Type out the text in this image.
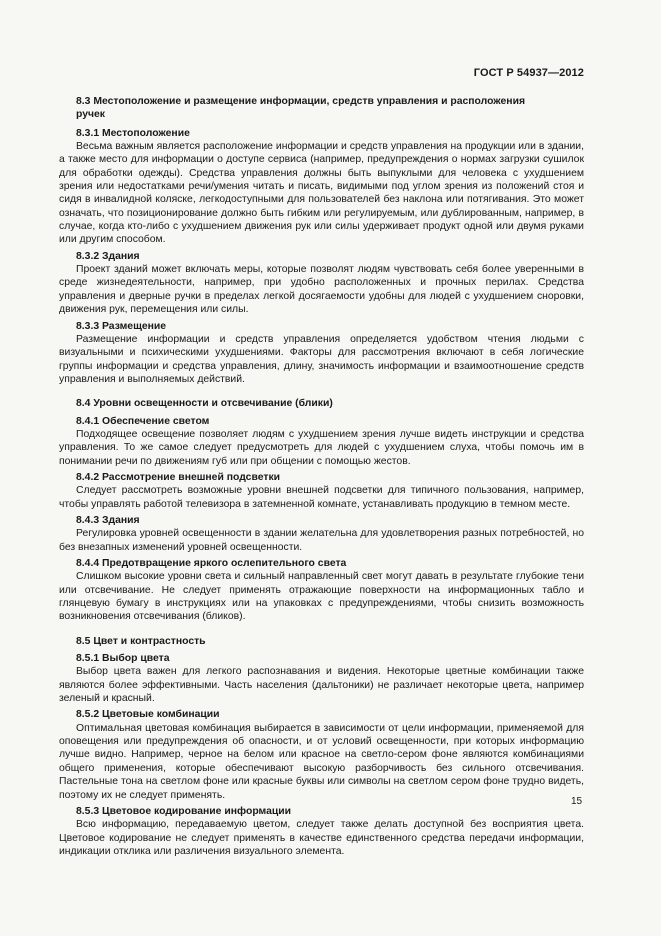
ГОСТ Р 54937—2012
8.3 Местоположение и размещение информации, средств управления и расположения
ручек
8.3.1 Местоположение

Весьма важным является расположение информации и средств управления на продукции или в здании, а также место для информации о доступе сервиса (например, предупреждения о нормах загрузки сушилок для обработки одежды). Средства управления должны быть выпуклыми для человека с ухудшением зрения или недостатками речи/умения читать и писать, видимыми под углом зрения из положений стоя и сидя в инвалидной коляске, легкодоступными для пользователей без наклона или потягивания. Это может означать, что позиционирование должно быть гибким или регулируемым, или дублированным, например, в случае, когда кто-либо с ухудшением движения рук или силы удерживает продукт одной или двумя руками или другим способом.

8.3.2 Здания

Проект зданий может включать меры, которые позволят людям чувствовать себя более уверенными в среде жизнедеятельности, например, при удобно расположенных и прочных перилах. Средства управления и дверные ручки в пределах легкой досягаемости удобны для людей с ухудшением сноровки, движения рук, перемещения или силы.

8.3.3 Размещение

Размещение информации и средств управления определяется удобством чтения людьми с визуальными и психическими ухудшениями. Факторы для рассмотрения включают в себя логические группы информации и средства управления, длину, значимость информации и взаимоотношение средств управления и выполняемых действий.

8.4 Уровни освещенности и отсвечивание (блики)
8.4.1 Обеспечение светом

Подходящее освещение позволяет людям с ухудшением зрения лучше видеть инструкции и средства управления. То же самое следует предусмотреть для людей с ухудшением слуха, чтобы помочь им в понимании речи по движениям губ или при общении с помощью жестов.

8.4.2 Рассмотрение внешней подсветки

Следует рассмотреть возможные уровни внешней подсветки для типичного пользования, например, чтобы управлять работой телевизора в затемненной комнате, устанавливать продукцию в темном месте.

8.4.3 Здания

Регулировка уровней освещенности в здании желательна для удовлетворения разных потребностей, но без внезапных изменений уровней освещенности.

8.4.4 Предотвращение яркого ослепительного света

Слишком высокие уровни света и сильный направленный свет могут давать в результате глубокие тени или отсвечивание. Не следует применять отражающие поверхности на информационных табло и глянцевую бумагу в инструкциях или на упаковках с предупреждениями, чтобы снизить возможность возникновения отсвечивания (бликов).

8.5 Цвет и контрастность
8.5.1 Выбор цвета

Выбор цвета важен для легкого распознавания и видения. Некоторые цветные комбинации также являются более эффективными. Часть населения (дальтоники) не различает некоторые цвета, например зеленый и красный.

8.5.2 Цветовые комбинации

Оптимальная цветовая комбинация выбирается в зависимости от цели информации, применяемой для оповещения или предупреждения об опасности, и от условий освещенности, при которых информацию лучше видно. Например, черное на белом или красное на светло-сером фоне являются комбинациями общего применения, которые обеспечивают высокую разборчивость без сильного отсвечивания. Пастельные тона на светлом фоне или красные буквы или символы на светлом сером фоне трудно видеть, поэтому их не следует применять.

8.5.3 Цветовое кодирование информации

Всю информацию, передаваемую цветом, следует также делать доступной без восприятия цвета. Цветовое кодирование не следует применять в качестве единственного средства передачи информации, индикации отклика или различения визуального элемента.

15
